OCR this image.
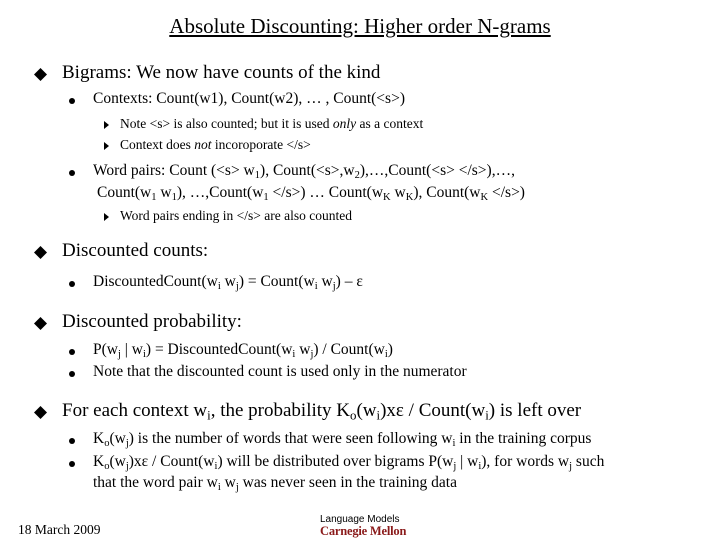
Absolute Discounting: Higher order N-grams
Bigrams: We now have counts of the kind
Contexts: Count(w1), Count(w2), … , Count(<s>)
Note <s> is also counted; but it is used only as a context
Context does not incoroporate </s>
Word pairs: Count $(<s> w_1)$, $Count(<s>,w_2),\dots,Count(<s>$ </s>),…,
$Count(w_1$ $w_1$), $\dots,Count(w_1 </s>)$ … $Count(w_K$ $w_K$), $Count(w_K </s>)$
Word pairs ending in </s> are also counted
Discounted counts:
$DiscountedCount(w_i$ $w_j$) = $Count(w_i$ $w_j$) – ε
Discounted probability:
$P(w_j$ | $w_i$) = $DiscountedCount(w_i$ $w_j$) / $Count(w_i)$
Note that the discounted count is used only in the numerator
For each context $w_i$, the probability $K_o(w_i)x\varepsilon$ / $Count(w_i)$ is left over
$K_o(w_j)$ is the number of words that were seen following $w_i$ in the training corpus
$K_o(w_j)x\varepsilon$ / $Count(w_i)$ will be distributed over bigrams $P(w_j$ | $w_i$), for words $w_j$ such
that the word pair $w_i$ $w_j$ was never seen in the training data
18 March 2009
Language Models
Carnegie Mellon
